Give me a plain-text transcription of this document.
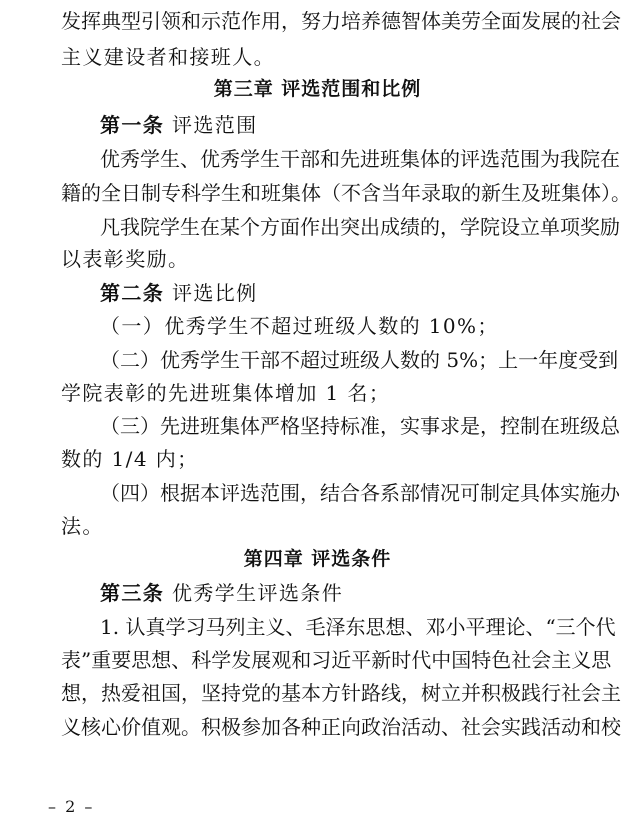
发挥典型引领和示范作用，努力培养德智体美劳全面发展的社会
主义建设者和接班人。
第三章 评选范围和比例
第一条 评选范围
优秀学生、优秀学生干部和先进班集体的评选范围为我院在
籍的全日制专科学生和班集体（不含当年录取的新生及班集体）。
凡我院学生在某个方面作出突出成绩的，学院设立单项奖励
以表彰奖励。
第二条 评选比例
（一）优秀学生不超过班级人数的 10%；
（二）优秀学生干部不超过班级人数的 5%；上一年度受到
学院表彰的先进班集体增加 1 名；
（三）先进班集体严格坚持标准，实事求是，控制在班级总
数的 1/4 内；
（四）根据本评选范围，结合各系部情况可制定具体实施办
法。
第四章 评选条件
第三条 优秀学生评选条件
1. 认真学习马列主义、毛泽东思想、邓小平理论、“三个代
表”重要思想、科学发展观和习近平新时代中国特色社会主义思
想，热爱祖国，坚持党的基本方针路线，树立并积极践行社会主
义核心价值观。积极参加各种正向政治活动、社会实践活动和校
– 2 –
